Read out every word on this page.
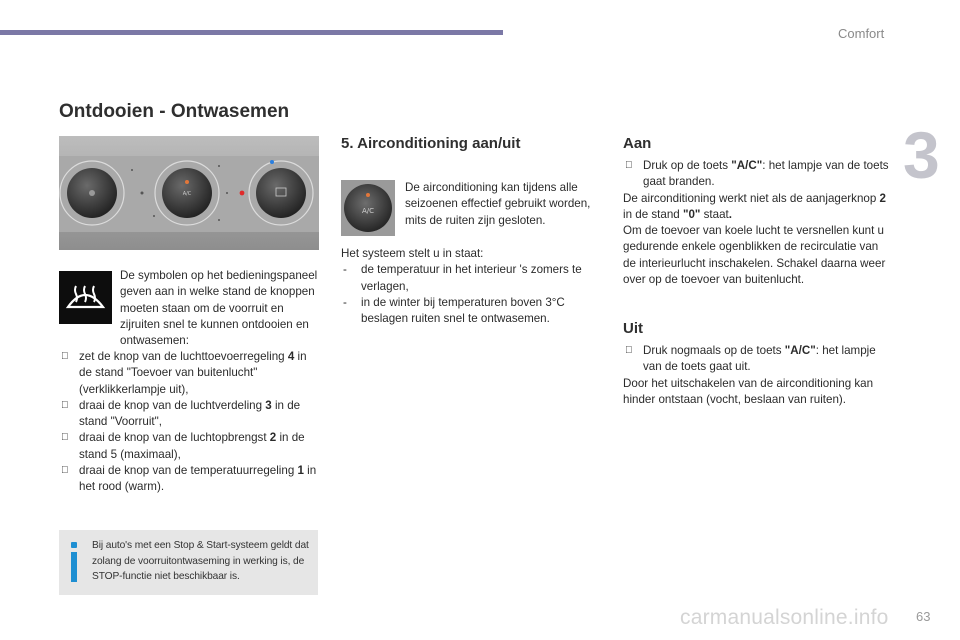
Comfort
3
Ontdooien - Ontwasemen
A/C
De symbolen op het bedieningspaneel geven aan in welke stand de knoppen moeten staan om de voorruit en zijruiten snel te kunnen ontdooien en ontwasemen:

zet de knop van de luchttoevoerregeling 4 in de stand "Toevoer van buitenlucht" (verklikkerlampje uit),

draai de knop van de luchtverdeling 3 in de stand "Voorruit",

draai de knop van de luchtopbrengst 2 in de stand 5 (maximaal),

draai de knop van de temperatuurregeling 1 in het rood (warm).

Bij auto's met een Stop & Start-systeem geldt dat zolang de voorruitontwaseming in werking is, de STOP-functie niet beschikbaar is.
5. Airconditioning aan/uit
A/C
De airconditioning kan tijdens alle seizoenen effectief gebruikt worden, mits de ruiten zijn gesloten.

Het systeem stelt u in staat:

- de temperatuur in het interieur 's zomers te verlagen,

- in de winter bij temperaturen boven 3°C beslagen ruiten snel te ontwasemen.

Aan

Druk op de toets "A/C": het lampje van de toets gaat branden.

De airconditioning werkt niet als de aanjagerknop 2 in de stand "0" staat.

Om de toevoer van koele lucht te versnellen kunt u gedurende enkele ogenblikken de recirculatie van de interieurlucht inschakelen. Schakel daarna weer over op de toevoer van buitenlucht.

Uit

Druk nogmaals op de toets "A/C": het lampje van de toets gaat uit.

Door het uitschakelen van de airconditioning kan hinder ontstaan (vocht, beslaan van ruiten).

carmanualsonline.info 63
